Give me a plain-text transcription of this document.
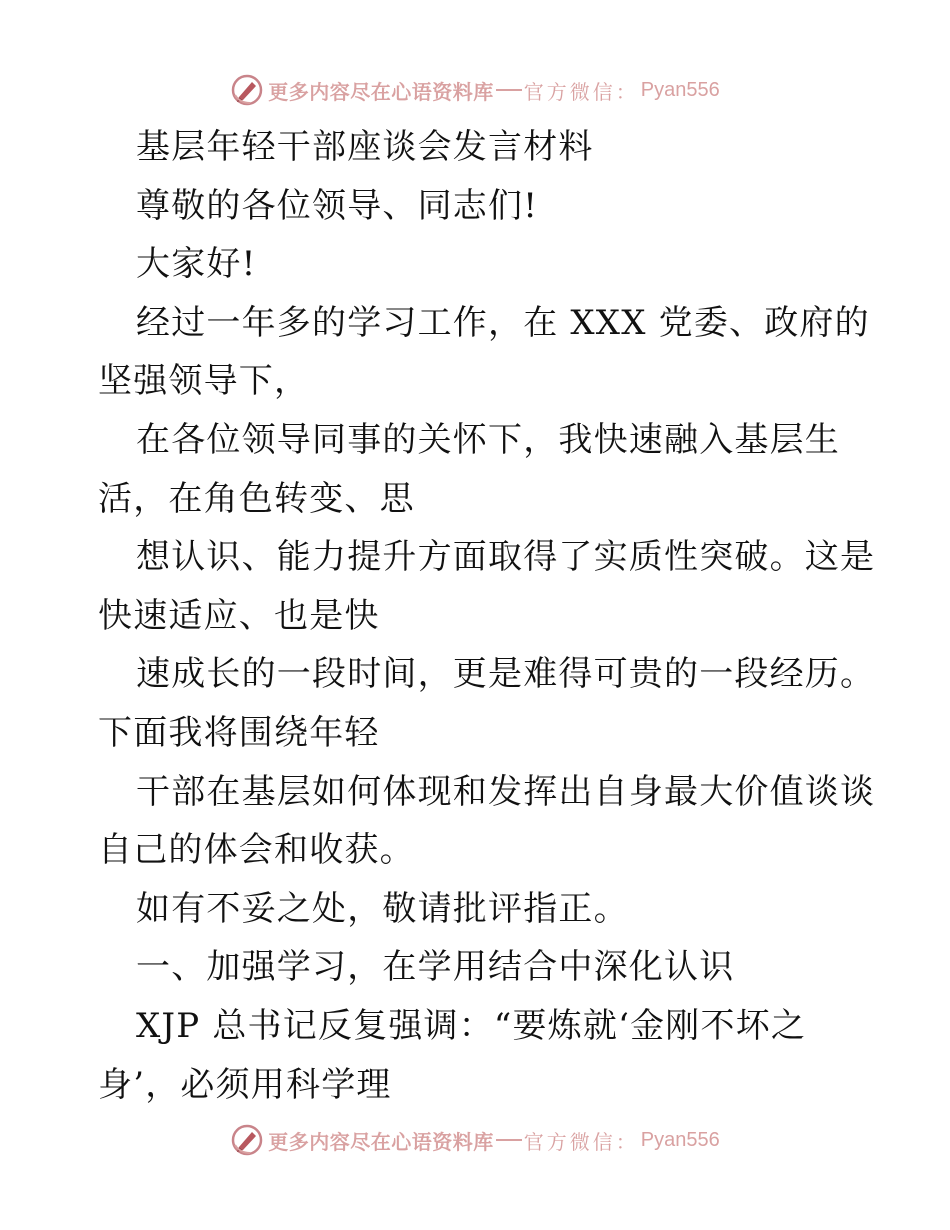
更多内容尽在心语资料库 官方微信： Pyan556
基层年轻干部座谈会发言材料
尊敬的各位领导、同志们!
大家好!
经过一年多的学习工作，在 XXX 党委、政府的
坚强领导下，
在各位领导同事的关怀下，我快速融入基层生
活，在角色转变、思
想认识、能力提升方面取得了实质性突破。这是
快速适应、也是快
速成长的一段时间，更是难得可贵的一段经历。
下面我将围绕年轻
干部在基层如何体现和发挥出自身最大价值谈谈
自己的体会和收获。
如有不妥之处，敬请批评指正。
一、加强学习，在学用结合中深化认识
XJP 总书记反复强调：“要炼就‘金刚不坏之
身’，必须用科学理
更多内容尽在心语资料库 官方微信： Pyan556
